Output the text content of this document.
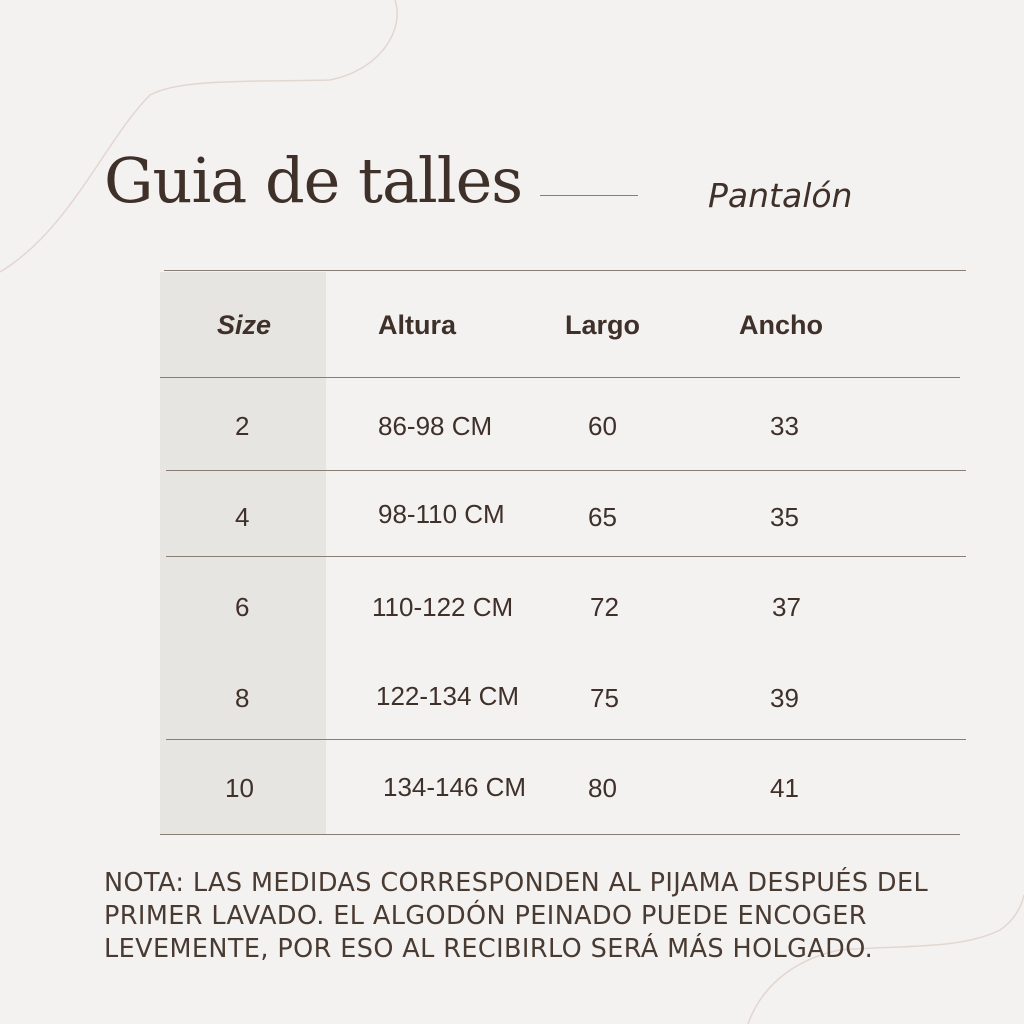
Guia de talles	Pantalón
Size	Altura	Largo	Ancho
2	86-98 CM	60	33
4	98-110 CM	65	35
6	110-122 CM	72	37
8	122-134 CM	75	39
10	134-146 CM 80	41
NOTA: LAS MEDIDAS CORRESPONDEN AL PIJAMA DESPUÉS DEL
PRIMER LAVADO. EL ALGODÓN PEINADO PUEDE ENCOGER
LEVEMENTE, POR ESO AL RECIBIRLO SERÁ MÁS HOLGADO.
